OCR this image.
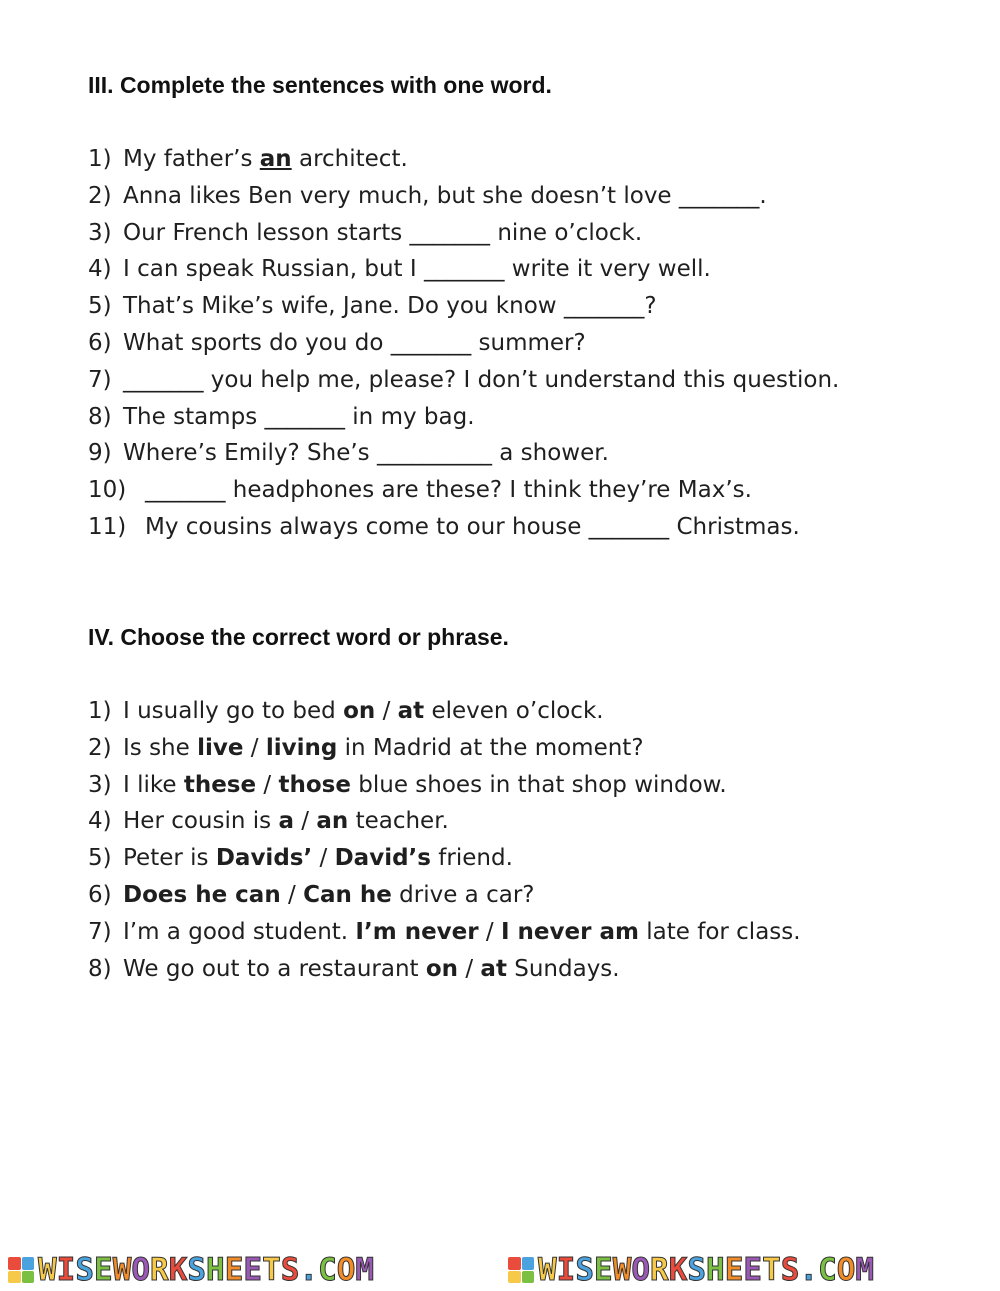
III. Complete the sentences with one word.
1) My father’s an architect.
2) Anna likes Ben very much, but she doesn’t love _______.
3) Our French lesson starts _______ nine o’clock.
4) I can speak Russian, but I _______ write it very well.
5) That’s Mike’s wife, Jane. Do you know _______?
6) What sports do you do _______ summer?
7) _______ you help me, please? I don’t understand this question.
8) The stamps _______ in my bag.
9) Where’s Emily? She’s __________ a shower.
10) _______ headphones are these? I think they’re Max’s.
11) My cousins always come to our house _______ Christmas.
IV. Choose the correct word or phrase.
1) I usually go to bed on / at eleven o’clock.
2) Is she live / living in Madrid at the moment?
3) I like these / those blue shoes in that shop window.
4) Her cousin is a / an teacher.
5) Peter is Davids’ / David’s friend.
6) Does he can / Can he drive a car?
7) I’m a good student. I’m never / I never am late for class.
8) We go out to a restaurant on / at Sundays.
WISEWORKSHEETS.COM	WISEWORKSHEETS.COM
